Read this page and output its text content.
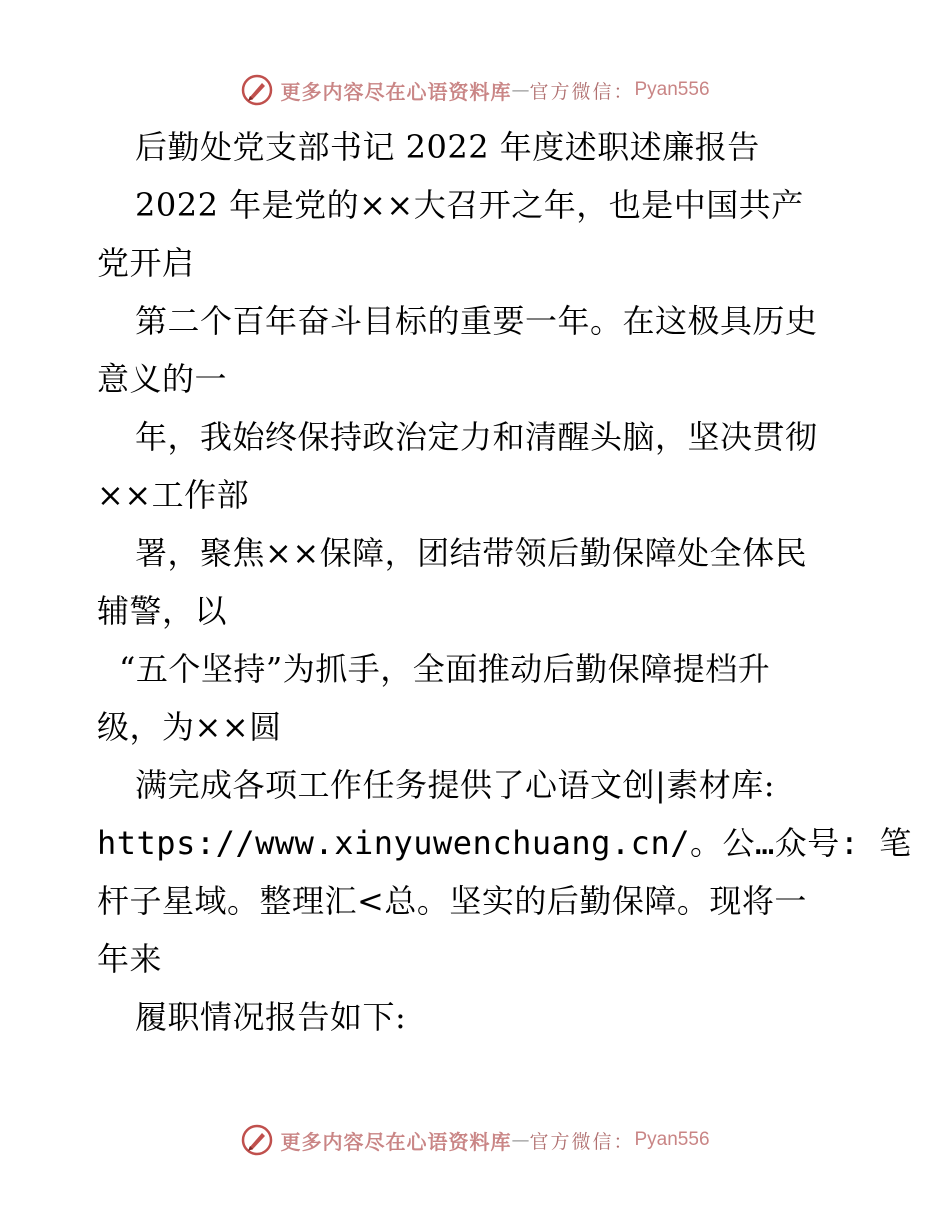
更多内容尽在心语资料库 — 官方微信： Pyan556
后勤处党支部书记 2022 年度述职述廉报告
2022 年是党的××大召开之年，也是中国共产
党开启
第二个百年奋斗目标的重要一年。在这极具历史
意义的一
年，我始终保持政治定力和清醒头脑，坚决贯彻
××工作部
署，聚焦××保障，团结带领后勤保障处全体民
辅警，以
“五个坚持”为抓手，全面推动后勤保障提档升
级，为××圆
满完成各项工作任务提供了心语文创|素材库:
https://www.xinyuwenchuang.cn/。公…众号: 笔
杆子星域。整理汇<总。坚实的后勤保障。现将一
年来
履职情况报告如下:
更多内容尽在心语资料库 — 官方微信： Pyan556
